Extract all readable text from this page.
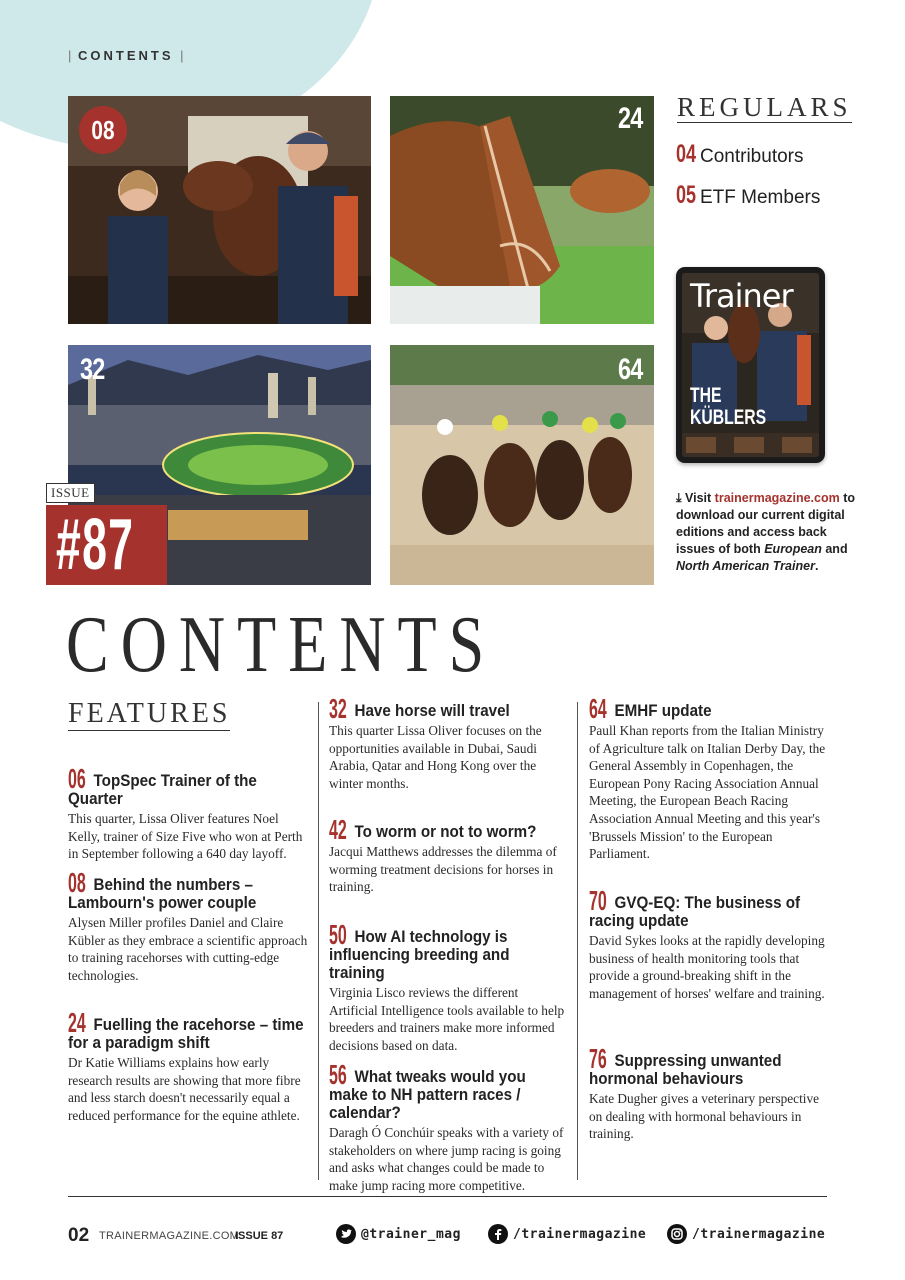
| CONTENTS |
08	24
32	64
ISSUE
#87
REGULARS
04 Contributors
05 ETF Members
Trainer
THE KÜBLERS
⤓ Visit trainermagazine.com to download our current digital editions and access back issues of both European and North American Trainer.
CONTENTS
FEATURES
06 TopSpec Trainer of the Quarter
This quarter, Lissa Oliver features Noel Kelly, trainer of Size Five who won at Perth in September following a 640 day layoff.
08 Behind the numbers – Lambourn's power couple
Alysen Miller profiles Daniel and Claire Kübler as they embrace a scientific approach to training racehorses with cutting-edge technologies.
24 Fuelling the racehorse – time for a paradigm shift
Dr Katie Williams explains how early research results are showing that more fibre and less starch doesn't necessarily equal a reduced performance for the equine athlete.
32 Have horse will travel
This quarter Lissa Oliver focuses on the opportunities available in Dubai, Saudi Arabia, Qatar and Hong Kong over the winter months.
42 To worm or not to worm?
Jacqui Matthews addresses the dilemma of worming treatment decisions for horses in training.
50 How AI technology is influencing breeding and training
Virginia Lisco reviews the different Artificial Intelligence tools available to help breeders and trainers make more informed decisions based on data.
56 What tweaks would you make to NH pattern races / calendar?
Daragh Ó Conchúir speaks with a variety of stakeholders on where jump racing is going and asks what changes could be made to make jump racing more competitive.
64 EMHF update
Paull Khan reports from the Italian Ministry of Agriculture talk on Italian Derby Day, the General Assembly in Copenhagen, the European Pony Racing Association Annual Meeting, the European Beach Racing Association Annual Meeting and this year's 'Brussels Mission' to the European Parliament.
70 GVQ-EQ: The business of racing update
David Sykes looks at the rapidly developing business of health monitoring tools that provide a ground-breaking shift in the management of horses' welfare and training.
76 Suppressing unwanted hormonal behaviours
Kate Dugher gives a veterinary perspective on dealing with hormonal behaviours in training.
02 TRAINERMAGAZINE.COM
ISSUE 87	@trainer_mag	/trainermagazine	/trainermagazine
